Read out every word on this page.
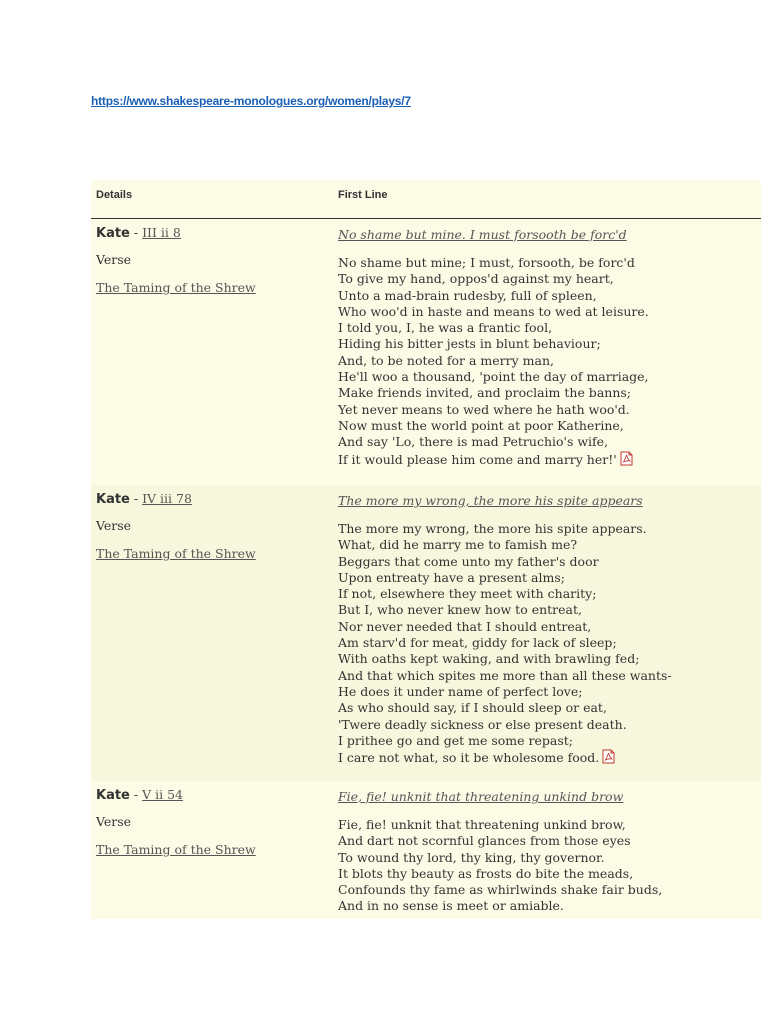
https://www.shakespeare-monologues.org/women/plays/7
Details	First Line
Kate - III ii 8
Verse
The Taming of the Shrew
No shame but mine. I must forsooth be forc'd
No shame but mine; I must, forsooth, be forc'd
To give my hand, oppos'd against my heart,
Unto a mad-brain rudesby, full of spleen,
Who woo'd in haste and means to wed at leisure.
I told you, I, he was a frantic fool,
Hiding his bitter jests in blunt behaviour;
And, to be noted for a merry man,
He'll woo a thousand, 'point the day of marriage,
Make friends invited, and proclaim the banns;
Yet never means to wed where he hath woo'd.
Now must the world point at poor Katherine,
And say 'Lo, there is mad Petruchio's wife,
If it would please him come and marry her!'
Kate - IV iii 78
Verse
The Taming of the Shrew
The more my wrong, the more his spite appears
The more my wrong, the more his spite appears.
What, did he marry me to famish me?
Beggars that come unto my father's door
Upon entreaty have a present alms;
If not, elsewhere they meet with charity;
But I, who never knew how to entreat,
Nor never needed that I should entreat,
Am starv'd for meat, giddy for lack of sleep;
With oaths kept waking, and with brawling fed;
And that which spites me more than all these wants-
He does it under name of perfect love;
As who should say, if I should sleep or eat,
'Twere deadly sickness or else present death.
I prithee go and get me some repast;
I care not what, so it be wholesome food.
Kate - V ii 54
Verse
The Taming of the Shrew
Fie, fie! unknit that threatening unkind brow
Fie, fie! unknit that threatening unkind brow,
And dart not scornful glances from those eyes
To wound thy lord, thy king, thy governor.
It blots thy beauty as frosts do bite the meads,
Confounds thy fame as whirlwinds shake fair buds,
And in no sense is meet or amiable.
